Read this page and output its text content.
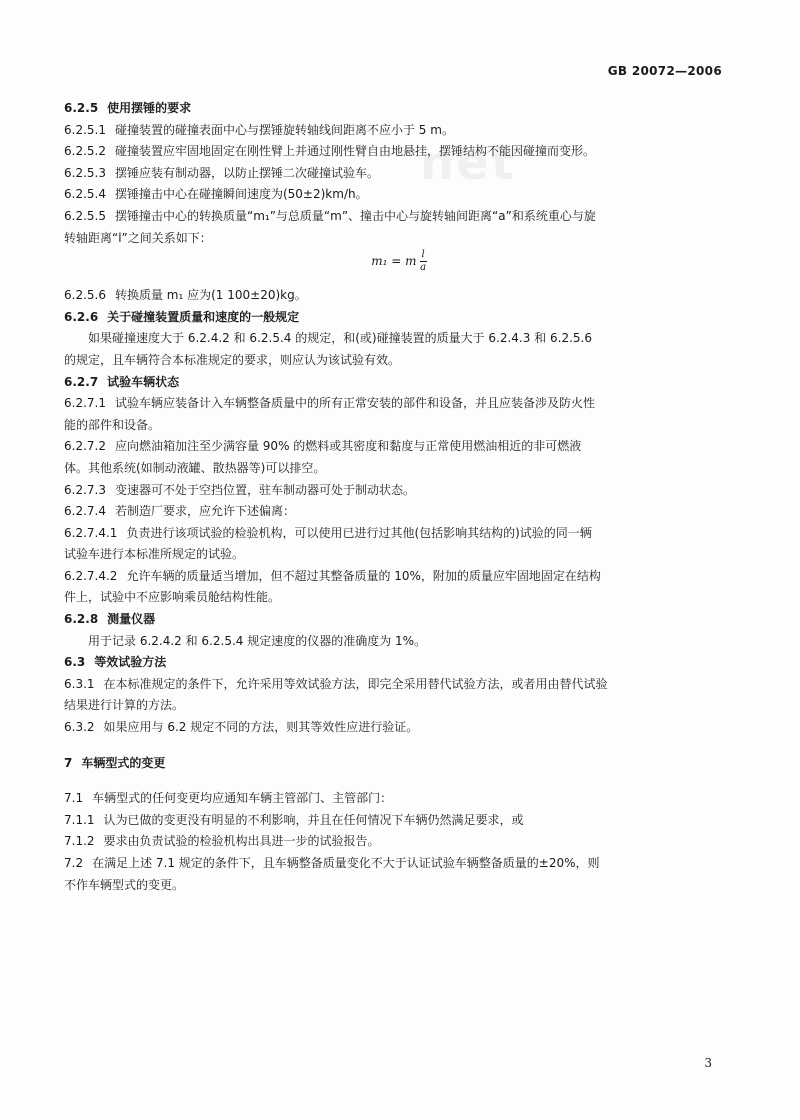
net
GB 20072—2006
6.2.5 使用摆锤的要求
6.2.5.1 碰撞装置的碰撞表面中心与摆锤旋转轴线间距离不应小于 5 m。
6.2.5.2 碰撞装置应牢固地固定在刚性臂上并通过刚性臂自由地悬挂，摆锤结构不能因碰撞而变形。
6.2.5.3 摆锤应装有制动器，以防止摆锤二次碰撞试验车。
6.2.5.4 摆锤撞击中心在碰撞瞬间速度为(50±2)km/h。
6.2.5.5 摆锤撞击中心的转换质量“m₁”与总质量“m”、撞击中心与旋转轴间距离“a”和系统重心与旋
转轴距离“l”之间关系如下：
m₁ = m $\frac{l}{a}$
6.2.5.6 转换质量 m₁ 应为(1 100±20)kg。
6.2.6 关于碰撞装置质量和速度的一般规定
如果碰撞速度大于 6.2.4.2 和 6.2.5.4 的规定，和(或)碰撞装置的质量大于 6.2.4.3 和 6.2.5.6
的规定，且车辆符合本标准规定的要求，则应认为该试验有效。
6.2.7 试验车辆状态
6.2.7.1 试验车辆应装备计入车辆整备质量中的所有正常安装的部件和设备，并且应装备涉及防火性
能的部件和设备。
6.2.7.2 应向燃油箱加注至少满容量 90% 的燃料或其密度和黏度与正常使用燃油相近的非可燃液
体。其他系统(如制动液罐、散热器等)可以排空。
6.2.7.3 变速器可不处于空挡位置，驻车制动器可处于制动状态。
6.2.7.4 若制造厂要求，应允许下述偏离：
6.2.7.4.1 负责进行该项试验的检验机构，可以使用已进行过其他(包括影响其结构的)试验的同一辆
试验车进行本标准所规定的试验。
6.2.7.4.2 允许车辆的质量适当增加，但不超过其整备质量的 10%，附加的质量应牢固地固定在结构
件上，试验中不应影响乘员舱结构性能。
6.2.8 测量仪器
用于记录 6.2.4.2 和 6.2.5.4 规定速度的仪器的准确度为 1%。
6.3 等效试验方法
6.3.1 在本标准规定的条件下，允许采用等效试验方法，即完全采用替代试验方法，或者用由替代试验
结果进行计算的方法。
6.3.2 如果应用与 6.2 规定不同的方法，则其等效性应进行验证。
7 车辆型式的变更
7.1 车辆型式的任何变更均应通知车辆主管部门、主管部门：
7.1.1 认为已做的变更没有明显的不利影响，并且在任何情况下车辆仍然满足要求，或
7.1.2 要求由负责试验的检验机构出具进一步的试验报告。
7.2 在满足上述 7.1 规定的条件下，且车辆整备质量变化不大于认证试验车辆整备质量的±20%，则
不作车辆型式的变更。
3
